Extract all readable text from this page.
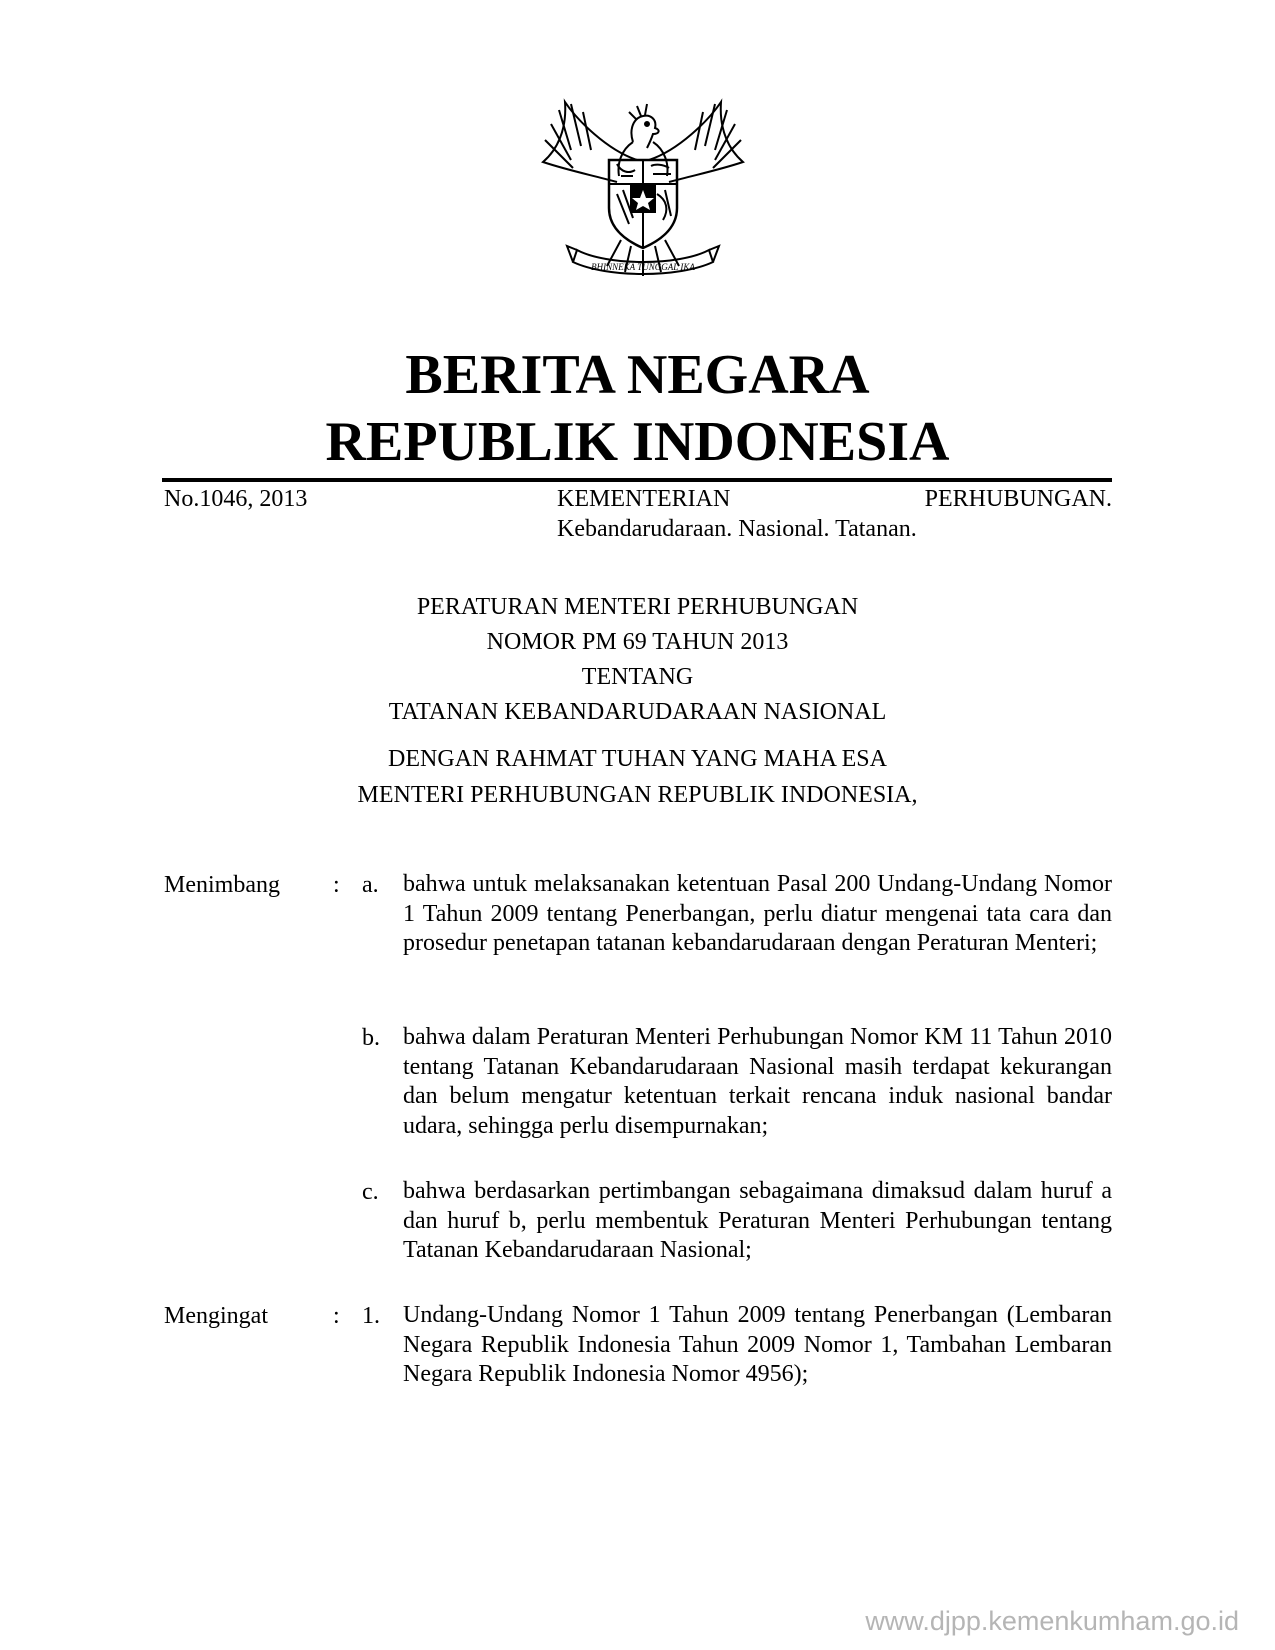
BHINNEKA TUNGGAL IKA
BERITA NEGARA
REPUBLIK INDONESIA
No.1046, 2013	KEMENTERIAN PERHUBUNGAN.
Kebandarudaraan. Nasional. Tatanan.
PERATURAN MENTERI PERHUBUNGAN
NOMOR PM 69 TAHUN 2013
TENTANG
TATANAN KEBANDARUDARAAN NASIONAL
DENGAN RAHMAT TUHAN YANG MAHA ESA
MENTERI PERHUBUNGAN REPUBLIK INDONESIA,
Menimbang : a. bahwa untuk melaksanakan ketentuan Pasal 200 Undang-Undang Nomor 1 Tahun 2009 tentang Penerbangan, perlu diatur mengenai tata cara dan prosedur penetapan tatanan kebandarudaraan dengan Peraturan Menteri;
b. bahwa dalam Peraturan Menteri Perhubungan Nomor KM 11 Tahun 2010 tentang Tatanan Kebandarudaraan Nasional masih terdapat kekurangan dan belum mengatur ketentuan terkait rencana induk nasional bandar udara, sehingga perlu disempurnakan;
c. bahwa berdasarkan pertimbangan sebagaimana dimaksud dalam huruf a dan huruf b, perlu membentuk Peraturan Menteri Perhubungan tentang Tatanan Kebandarudaraan Nasional;
Mengingat	: 1. Undang-Undang Nomor 1 Tahun 2009 tentang Penerbangan (Lembaran Negara Republik Indonesia Tahun 2009 Nomor 1, Tambahan Lembaran Negara Republik Indonesia Nomor 4956);
www.djpp.kemenkumham.go.id
